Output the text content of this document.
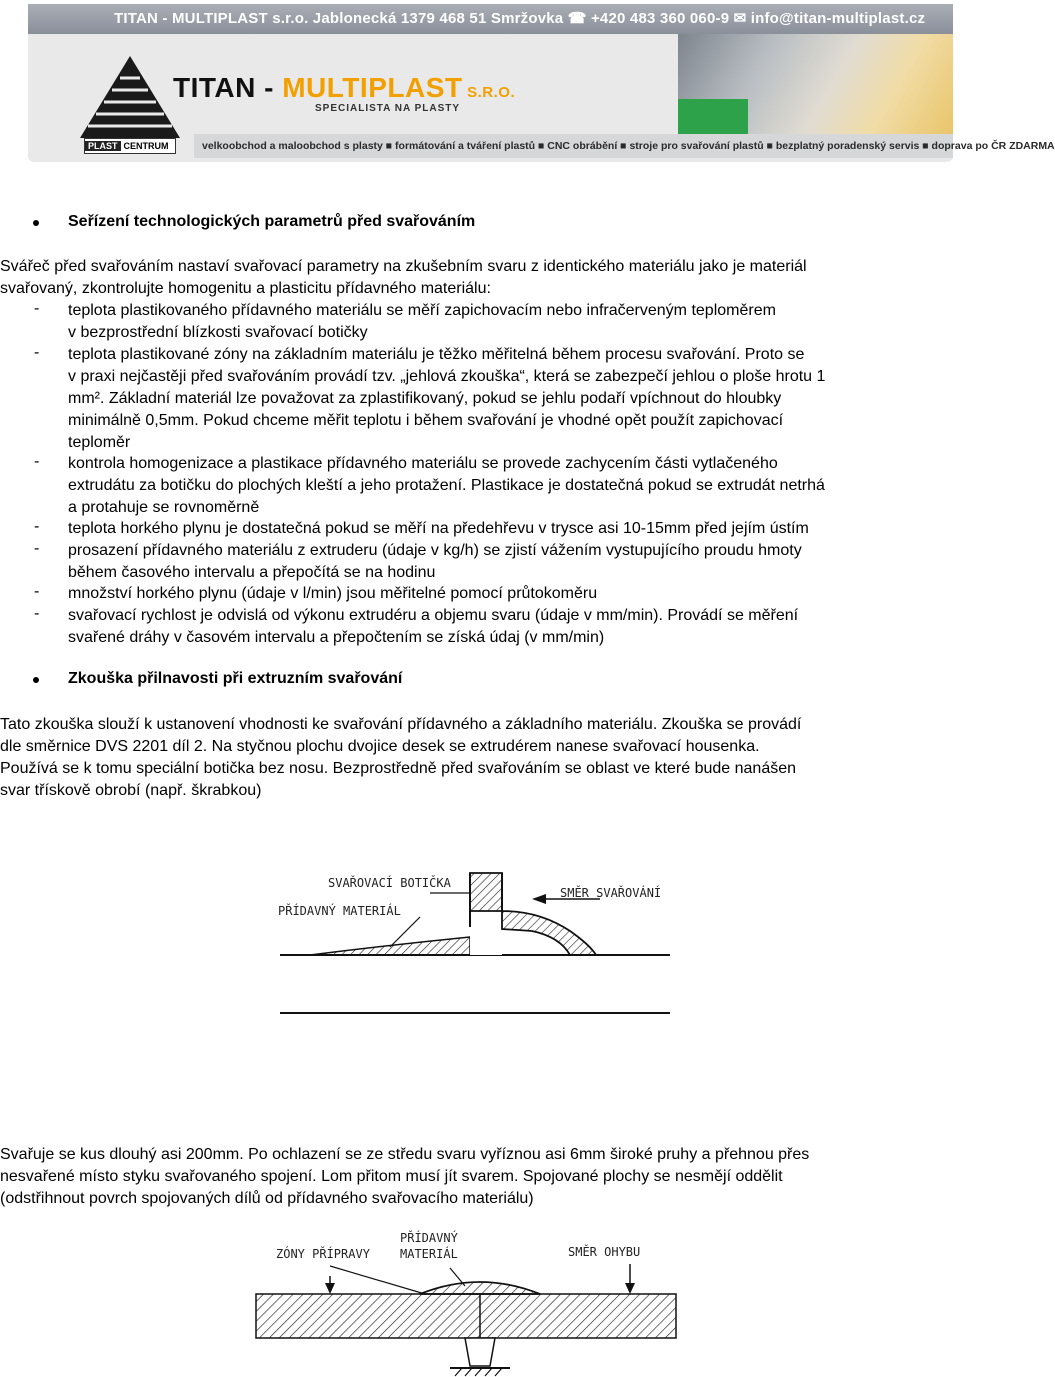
TITAN - MULTIPLAST s.r.o. Jablonecká 1379 468 51 Smržovka ☎ +420 483 360 060-9 ✉ info@titan-multiplast.cz
PLAST CENTRUM
TITAN - MULTIPLAST S.R.O.
SPECIALISTA NA PLASTY
velkoobchod a maloobchod s plasty ■ formátování a tváření plastů ■ CNC obrábění ■ stroje pro svařování plastů ■ bezplatný poradenský servis ■ doprava po ČR ZDARMA
Seřízení technologických parametrů před svařováním
Svářeč před svařováním nastaví svařovací parametry na zkušebním svaru z identického materiálu jako je materiál
svařovaný, zkontrolujte homogenitu a plasticitu přídavného materiálu:
- teplota plastikovaného přídavného materiálu se měří zapichovacím nebo infračerveným teploměrem
v bezprostřední blízkosti svařovací botičky
- teplota plastikované zóny na základním materiálu je těžko měřitelná během procesu svařování. Proto se
v praxi nejčastěji před svařováním provádí tzv. „jehlová zkouška“, která se zabezpečí jehlou o ploše hrotu 1
mm². Základní materiál lze považovat za zplastifikovaný, pokud se jehlu podaří vpíchnout do hloubky
minimálně 0,5mm. Pokud chceme měřit teplotu i během svařování je vhodné opět použít zapichovací
teploměr
- kontrola homogenizace a plastikace přídavného materiálu se provede zachycením části vytlačeného
extrudátu za botičku do plochých kleští a jeho protažení. Plastikace je dostatečná pokud se extrudát netrhá
a protahuje se rovnoměrně
- teplota horkého plynu je dostatečná pokud se měří na předehřevu v trysce asi 10-15mm před jejím ústím
- prosazení přídavného materiálu z extruderu (údaje v kg/h) se zjistí vážením vystupujícího proudu hmoty
během časového intervalu a přepočítá se na hodinu
- množství horkého plynu (údaje v l/min) jsou měřitelné pomocí průtokoměru
- svařovací rychlost je odvislá od výkonu extrudéru a objemu svaru (údaje v mm/min). Provádí se měření
svařené dráhy v časovém intervalu a přepočtením se získá údaj (v mm/min)
Zkouška přilnavosti při extruzním svařování
Tato zkouška slouží k ustanovení vhodnosti ke svařování přídavného a základního materiálu. Zkouška se provádí
dle směrnice DVS 2201 díl 2. Na styčnou plochu dvojice desek se extrudérem nanese svařovací housenka.
Používá se k tomu speciální botička bez nosu. Bezprostředně před svařováním se oblast ve které bude nanášen
svar třískově obrobí (např. škrabkou)
SVAŘOVACÍ BOTIČKA
PŘÍDAVNÝ MATERIÁL
SMĚR SVAŘOVÁNÍ
Svařuje se kus dlouhý asi 200mm. Po ochlazení se ze středu svaru vyříznou asi 6mm široké pruhy a přehnou přes
nesvařené místo styku svařovaného spojení. Lom přitom musí jít svarem. Spojované plochy se nesmějí oddělit
(odstřihnout povrch spojovaných dílů od přídavného svařovacího materiálu)
ZÓNY PŘÍPRAVY
PŘÍDAVNÝ
MATERIÁL	SMĚR OHYBU
